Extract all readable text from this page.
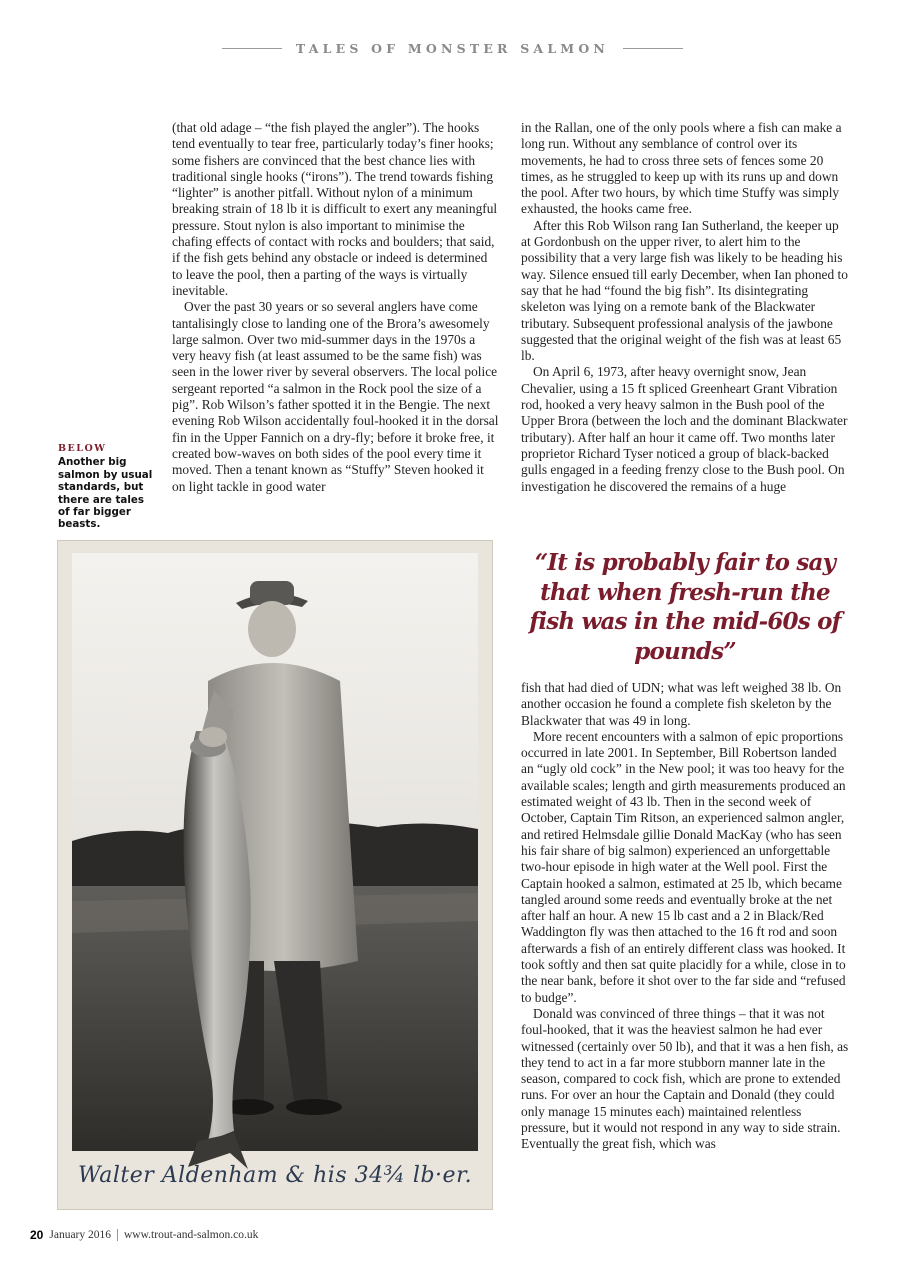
TALES OF MONSTER SALMON

(that old adage – “the fish played the angler”). The hooks tend eventually to tear free, particularly today’s finer hooks; some fishers are convinced that the best chance lies with traditional single hooks (“irons”). The trend towards fishing “lighter” is another pitfall. Without nylon of a minimum breaking strain of 18 lb it is difficult to exert any meaningful pressure. Stout nylon is also important to minimise the chafing effects of contact with rocks and boulders; that said, if the fish gets behind any obstacle or indeed is determined to leave the pool, then a parting of the ways is virtually inevitable.

Over the past 30 years or so several anglers have come tantalisingly close to landing one of the Brora’s awesomely large salmon. Over two mid-summer days in the 1970s a very heavy fish (at least assumed to be the same fish) was seen in the lower river by several observers. The local police sergeant reported “a salmon in the Rock pool the size of a pig”. Rob Wilson’s father spotted it in the Bengie. The next evening Rob Wilson accidentally foul-hooked it in the dorsal fin in the Upper Fannich on a dry-fly; before it broke free, it created bow-waves on both sides of the pool every time it moved. Then a tenant known as “Stuffy” Steven hooked it on light tackle in good water

in the Rallan, one of the only pools where a fish can make a long run. Without any semblance of control over its movements, he had to cross three sets of fences some 20 times, as he struggled to keep up with its runs up and down the pool. After two hours, by which time Stuffy was simply exhausted, the hooks came free.

After this Rob Wilson rang Ian Sutherland, the keeper up at Gordonbush on the upper river, to alert him to the possibility that a very large fish was likely to be heading his way. Silence ensued till early December, when Ian phoned to say that he had “found the big fish”. Its disintegrating skeleton was lying on a remote bank of the Blackwater tributary. Subsequent professional analysis of the jawbone suggested that the original weight of the fish was at least 65 lb.

On April 6, 1973, after heavy overnight snow, Jean Chevalier, using a 15 ft spliced Greenheart Grant Vibration rod, hooked a very heavy salmon in the Bush pool of the Upper Brora (between the loch and the dominant Blackwater tributary). After half an hour it came off. Two months later proprietor Richard Tyser noticed a group of black-backed gulls engaged in a feeding frenzy close to the Bush pool. On investigation he discovered the remains of a huge

BELOW
Another big salmon by usual standards, but there are tales of far bigger beasts.
“It is probably fair to say that when fresh-run the fish was in the mid-60s of pounds”

fish that had died of UDN; what was left weighed 38 lb. On another occasion he found a complete fish skeleton by the Blackwater that was 49 in long.

More recent encounters with a salmon of epic proportions occurred in late 2001. In September, Bill Robertson landed an “ugly old cock” in the New pool; it was too heavy for the available scales; length and girth measurements produced an estimated weight of 43 lb. Then in the second week of October, Captain Tim Ritson, an experienced salmon angler, and retired Helmsdale gillie Donald MacKay (who has seen his fair share of big salmon) experienced an unforgettable two-hour episode in high water at the Well pool. First the Captain hooked a salmon, estimated at 25 lb, which became tangled around some reeds and eventually broke at the net after half an hour. A new 15 lb cast and a 2 in Black/Red Waddington fly was then attached to the 16 ft rod and soon afterwards a fish of an entirely different class was hooked. It took softly and then sat quite placidly for a while, close in to the near bank, before it shot over to the far side and “refused to budge”.

Donald was convinced of three things – that it was not foul-hooked, that it was the heaviest salmon he had ever witnessed (certainly over 50 lb), and that it was a hen fish, as they tend to act in a far more stubborn manner late in the season, compared to cock fish, which are prone to extended runs. For over an hour the Captain and Donald (they could only manage 15 minutes each) maintained relentless pressure, but it would not respond in any way to side strain. Eventually the great fish, which was

Walter Aldenham & his 34¾ lb·er.
20 January 2016 www.trout-and-salmon.co.uk
